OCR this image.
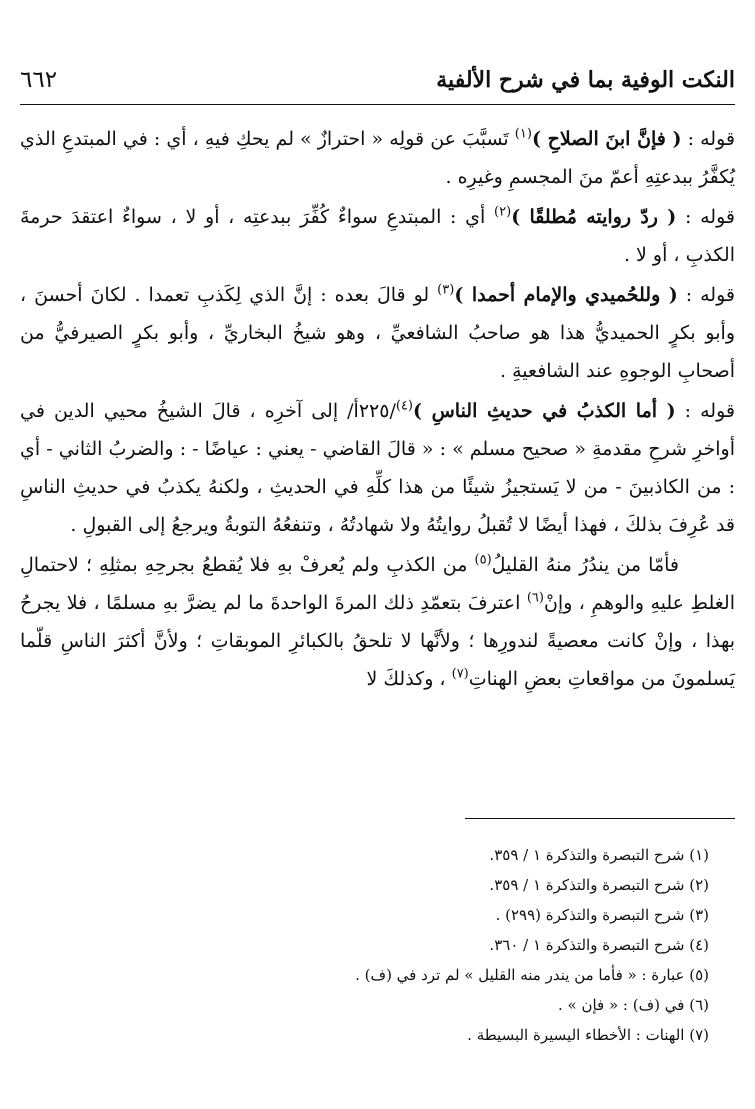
النكت الوفية بما في شرح الألفية
٦٦٢

قوله : ( فإنَّ ابنَ الصلاحِ )$^{(١)}$ تَسبَّبَ عن قولِه « احترازٌ » لم يحكِ فيهِ ، أي : في المبتدعِ الذي يُكفَّرُ ببدعتِهِ أعمّ منَ المجسمِ وغيرِه .

قوله : ( ردّ روايته مُطلقًا )$^{(٢)}$ أي : المبتدعِ سواءٌ كُفِّرَ ببدعتِه ، أو لا ، سواءٌ اعتقدَ حرمةَ الكذبِ ، أو لا .

قوله : ( وللحُميدي والإمام أحمدا )$^{(٣)}$ لو قالَ بعده : إنَّ الذي لِكَذبِ تعمدا . لكانَ أحسنَ ، وأبو بكرٍ الحميديُّ هذا هو صاحبُ الشافعيِّ ، وهو شيخُ البخاريِّ ، وأبو بكرٍ الصيرفيُّ من أصحابِ الوجوهِ عند الشافعيةِ .

قوله : ( أما الكذبُ في حديثِ الناسِ )$^{(٤)}$/٢٢٥أ/ إلى آخرِه ، قالَ الشيخُ محيي الدين في أواخرِ شرحِ مقدمةِ « صحيح مسلم » : « قالَ القاضي - يعني : عياضًا - : والضربُ الثاني - أي : من الكاذبينَ - من لا يَستجيزُ شيئًا من هذا كلِّهِ في الحديثِ ، ولكنهُ يكذبُ في حديثِ الناسِ قد عُرِفَ بذلكَ ، فهذا أيضًا لا تُقبلُ روايتُهُ ولا شهادتُهُ ، وتنفعُهُ التوبةُ ويرجعُ إلى القبولِ .

فأمّا من يندُرُ منهُ القليلُ$^{(٥)}$ من الكذبِ ولم يُعرفْ بهِ فلا يُقطعُ بجرحِهِ بمثلِهِ ؛ لاحتمالِ الغلطِ عليهِ والوهمِ ، وإنْ$^{(٦)}$ اعترفَ بتعمّدِ ذلك المرةَ الواحدةَ ما لم يضرَّ بهِ مسلمًا ، فلا يجرحُ بهذا ، وإنْ كانت معصيةً لندورِها ؛ ولأنَّها لا تلحقُ بالكبائرِ الموبقاتِ ؛ ولأنَّ أكثرَ الناسِ قلّما يَسلمونَ من مواقعاتِ بعضِ الهناتِ$^{(٧)}$ ، وكذلكَ لا

(١) شرح التبصرة والتذكرة ١ / ٣٥٩.
(٢) شرح التبصرة والتذكرة ١ / ٣٥٩.
(٣) شرح التبصرة والتذكرة (٢٩٩) .
(٤) شرح التبصرة والتذكرة ١ / ٣٦٠.
(٥) عبارة : « فأما من يندر منه القليل » لم ترد في (ف) .
(٦) في (ف) : « فإن » .
(٧) الهنات : الأخطاء اليسيرة البسيطة .
